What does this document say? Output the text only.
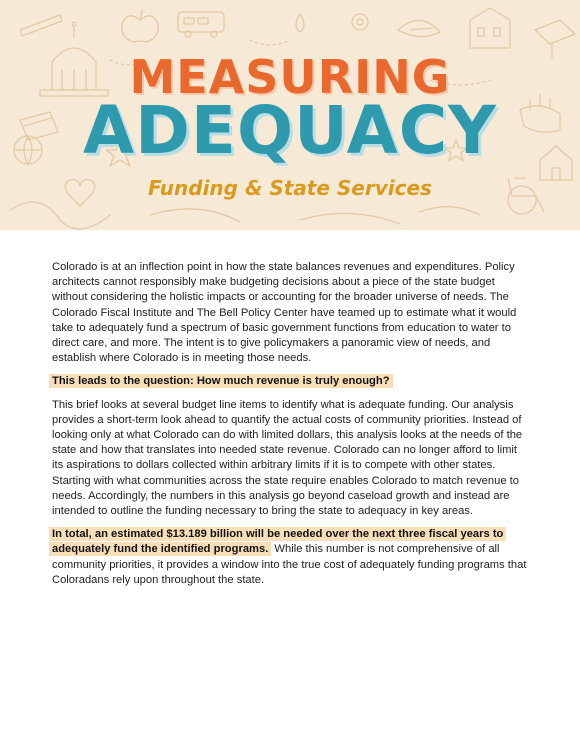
MEASURING
ADEQUACY
Funding & State Services

Colorado is at an inflection point in how the state balances revenues and expenditures. Policy architects cannot responsibly make budgeting decisions about a piece of the state budget without considering the holistic impacts or accounting for the broader universe of needs. The Colorado Fiscal Institute and The Bell Policy Center have teamed up to estimate what it would take to adequately fund a spectrum of basic government functions from education to water to direct care, and more. The intent is to give policymakers a panoramic view of needs, and establish where Colorado is in meeting those needs.

This leads to the question: How much revenue is truly enough?

This brief looks at several budget line items to identify what is adequate funding. Our analysis provides a short-term look ahead to quantify the actual costs of community priorities. Instead of looking only at what Colorado can do with limited dollars, this analysis looks at the needs of the state and how that translates into needed state revenue. Colorado can no longer afford to limit its aspirations to dollars collected within arbitrary limits if it is to compete with other states. Starting with what communities across the state require enables Colorado to match revenue to needs. Accordingly, the numbers in this analysis go beyond caseload growth and instead are intended to outline the funding necessary to bring the state to adequacy in key areas.

In total, an estimated $13.189 billion will be needed over the next three fiscal years to adequately fund the identified programs. While this number is not comprehensive of all community priorities, it provides a window into the true cost of adequately funding programs that Coloradans rely upon throughout the state.
